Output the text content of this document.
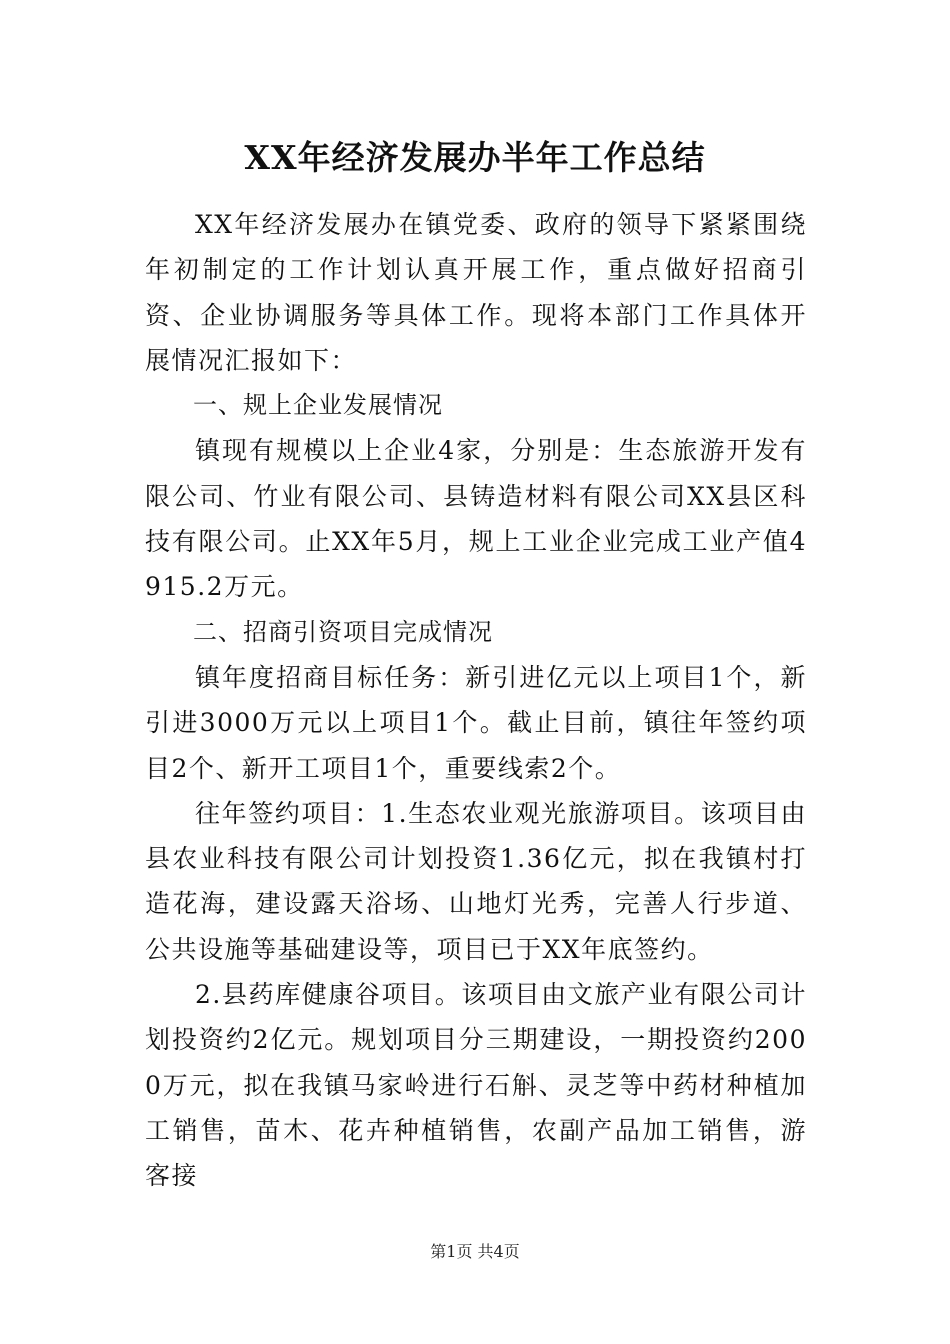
XX年经济发展办半年工作总结

XX年经济发展办在镇党委、政府的领导下紧紧围绕年初制定的工作计划认真开展工作，重点做好招商引资、企业协调服务等具体工作。现将本部门工作具体开展情况汇报如下：

一、规上企业发展情况

镇现有规模以上企业4家，分别是：生态旅游开发有限公司、竹业有限公司、县铸造材料有限公司XX县区科技有限公司。止XX年5月，规上工业企业完成工业产值4915.2万元。

二、招商引资项目完成情况

镇年度招商目标任务：新引进亿元以上项目1个，新引进3000万元以上项目1个。截止目前，镇往年签约项目2个、新开工项目1个，重要线索2个。

往年签约项目：1.生态农业观光旅游项目。该项目由县农业科技有限公司计划投资1.36亿元，拟在我镇村打造花海，建设露天浴场、山地灯光秀，完善人行步道、公共设施等基础建设等，项目已于XX年底签约。

2.县药库健康谷项目。该项目由文旅产业有限公司计划投资约2亿元。规划项目分三期建设，一期投资约2000万元，拟在我镇马家岭进行石斛、灵芝等中药材种植加工销售，苗木、花卉种植销售，农副产品加工销售，游客接

第1页 共4页
